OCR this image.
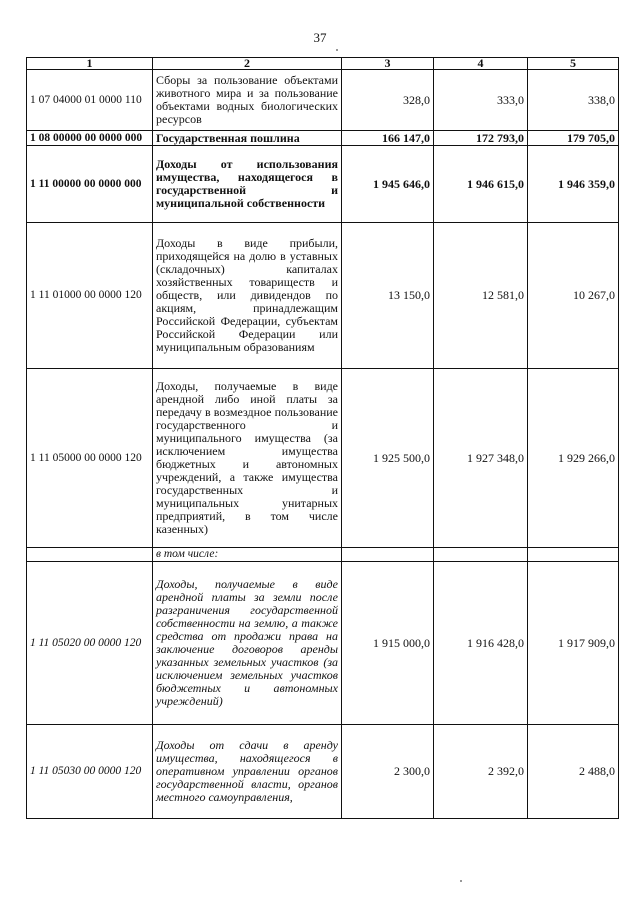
37
1	2	3	4	5
1 07 04000 01 0000 110	Сборы за пользование объектами животного мира и за пользование объектами водных биологических ресурсов	328,0	333,0	338,0
1 08 00000 00 0000 000	Государственная пошлина	166 147,0	172 793,0	179 705,0
1 11 00000 00 0000 000	Доходы от использования имущества, находящегося в государственной и муниципальной собственности	1 945 646,0	1 946 615,0	1 946 359,0
1 11 01000 00 0000 120	Доходы в виде прибыли, приходящейся на долю в уставных (складочных) капиталах хозяйственных товариществ и обществ, или дивидендов по акциям, принадлежащим Российской Федерации, субъектам Российской Федерации или муниципальным образованиям	13 150,0	12 581,0	10 267,0
1 11 05000 00 0000 120	Доходы, получаемые в виде арендной либо иной платы за передачу в возмездное пользование государственного и муниципального имущества (за исключением имущества бюджетных и автономных учреждений, а также имущества государственных и муниципальных унитарных предприятий, в том числе казенных)	1 925 500,0	1 927 348,0	1 929 266,0
	в том числе:			
1 11 05020 00 0000 120	Доходы, получаемые в виде арендной платы за земли после разграничения государственной собственности на землю, а также средства от продажи права на заключение договоров аренды указанных земельных участков (за исключением земельных участков бюджетных и автономных учреждений)	1 915 000,0	1 916 428,0	1 917 909,0
1 11 05030 00 0000 120	Доходы от сдачи в аренду имущества, находящегося в оперативном управлении органов государственной власти, органов местного самоуправления,	2 300,0	2 392,0	2 488,0
